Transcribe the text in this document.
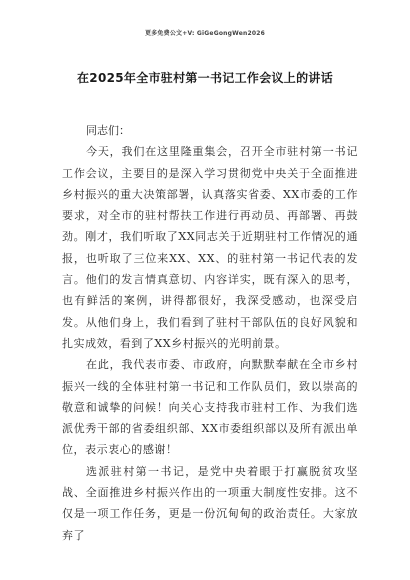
更多免费公文+V: GiGeGongWen2026
在2025年全市驻村第一书记工作会议上的讲话

同志们：

今天，我们在这里隆重集会，召开全市驻村第一书记工作会议，主要目的是深入学习贯彻党中央关于全面推进乡村振兴的重大决策部署，认真落实省委、XX市委的工作要求，对全市的驻村帮扶工作进行再动员、再部署、再鼓劲。刚才，我们听取了XX同志关于近期驻村工作情况的通报，也听取了三位来XX、XX、的驻村第一书记代表的发言。他们的发言情真意切、内容详实，既有深入的思考，也有鲜活的案例，讲得都很好，我深受感动，也深受启发。从他们身上，我们看到了驻村干部队伍的良好风貌和扎实成效，看到了XX乡村振兴的光明前景。

在此，我代表市委、市政府，向默默奉献在全市乡村振兴一线的全体驻村第一书记和工作队员们，致以崇高的敬意和诚挚的问候！向关心支持我市驻村工作、为我们选派优秀干部的省委组织部、XX市委组织部以及所有派出单位，表示衷心的感谢！

选派驻村第一书记，是党中央着眼于打赢脱贫攻坚战、全面推进乡村振兴作出的一项重大制度性安排。这不仅是一项工作任务，更是一份沉甸甸的政治责任。大家放弃了
